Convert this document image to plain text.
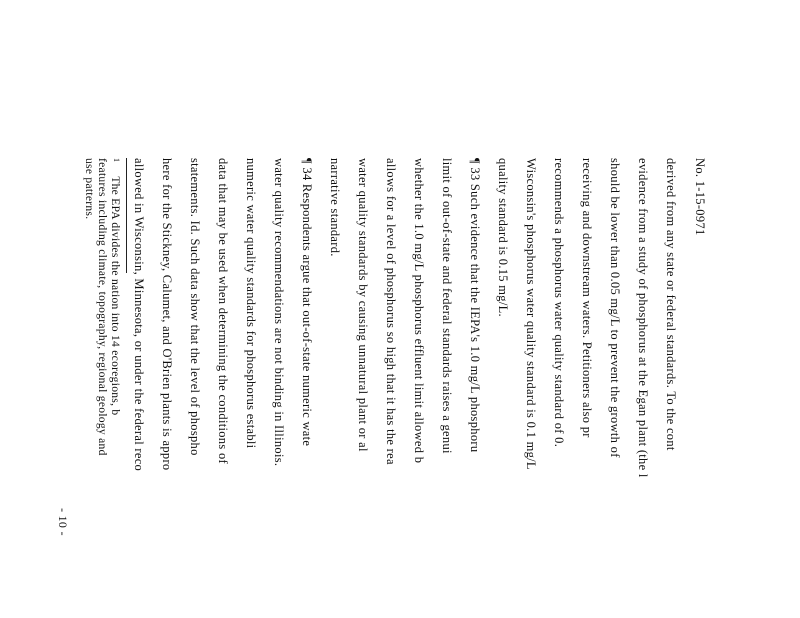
No. 1-15-0971
derived from any state or federal standards. To the cont
evidence from a study of phosphorus at the Egan plant (the l
should be lower than 0.05 mg/L to prevent the growth of
receiving and downstream waters. Petitioners also pr
recommends a phosphorus water quality standard of 0.
Wisconsin's phosphorus water quality standard is 0.1 mg/L
quality standard is 0.15 mg/L.
¶ 33 Such evidence that the IEPA's 1.0 mg/L phosphoru
limit of out-of-state and federal standards raises a genui
whether the 1.0 mg/L phosphorus effluent limit allowed b
allows for a level of phosphorus so high that it has the rea
water quality standards by causing unnatural plant or al
narrative standard.
¶ 34 Respondents argue that out-of-state numeric wate
water quality recommendations are not binding in Illinois.
numeric water quality standards for phosphorus establi
data that may be used when determining the conditions of
statements. Id. Such data show that the level of phospho
here for the Stickney, Calumet, and O'Brien plants is appro
allowed in Wisconsin, Minnesota, or under the federal reco
$^1$The EPA divides the nation into 14 ecoregions, b
features including climate, topography, regional geology and
use patterns.
- 10 -
